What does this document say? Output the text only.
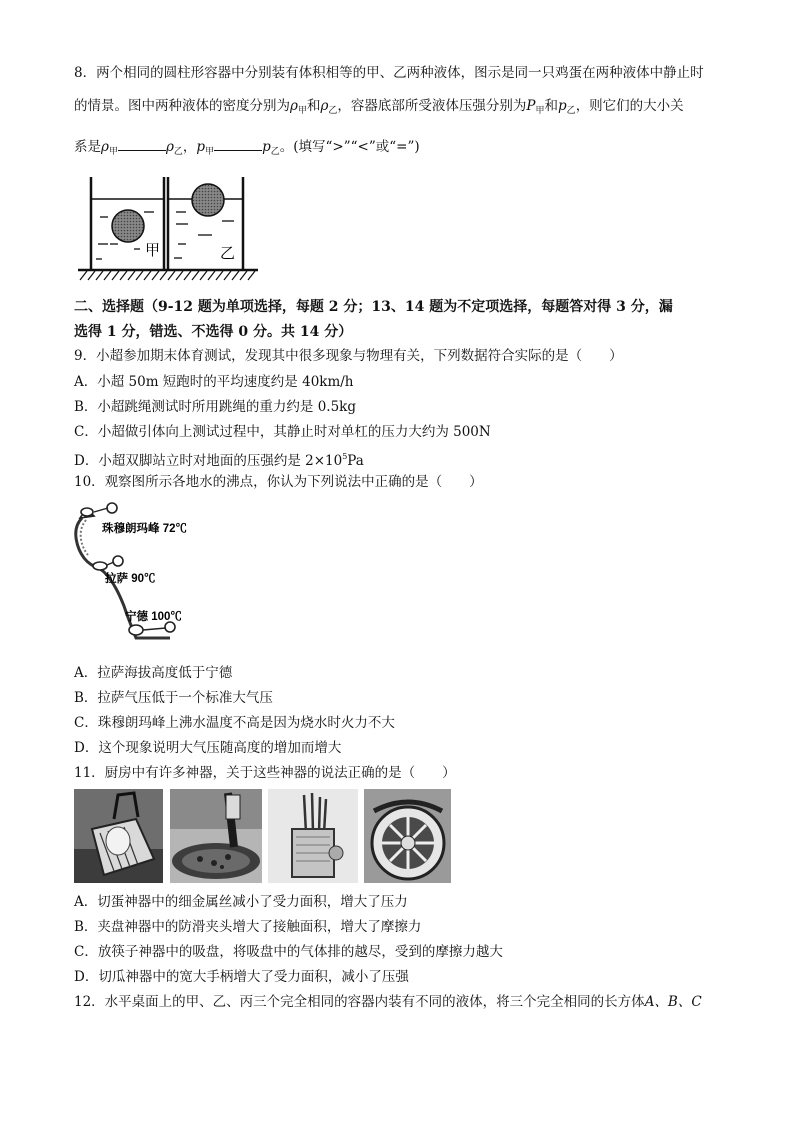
8．两个相同的圆柱形容器中分别装有体积相等的甲、乙两种液体，图示是同一只鸡蛋在两种液体中静止时
的情景。图中两种液体的密度分别为$\rho_甲$和$\rho_乙$，容器底部所受液体压强分别为$P_甲$和$p_乙$，则它们的大小关
系是$\rho_甲$	$\rho_乙$，$p_甲$	$p_乙$。(填写“>”“<”或“=”)
甲	乙
二、选择题（9-12 题为单项选择，每题 2 分；13、14 题为不定项选择，每题答对得 3 分，漏
选得 1 分，错选、不选得 0 分。共 14 分）
9．小超参加期末体育测试，发现其中很多现象与物理有关，下列数据符合实际的是（　　）
A．小超 50m 短跑时的平均速度约是 40km/h
B．小超跳绳测试时所用跳绳的重力约是 0.5kg
C．小超做引体向上测试过程中，其静止时对单杠的压力大约为 500N
D．小超双脚站立时对地面的压强约是 $2\times 10^5Pa$
10．观察图所示各地水的沸点，你认为下列说法中正确的是（　　）
珠穆朗玛峰 72℃
拉萨 90℃
宁德 100℃
A．拉萨海拔高度低于宁德
B．拉萨气压低于一个标准大气压
C．珠穆朗玛峰上沸水温度不高是因为烧水时火力不大
D．这个现象说明大气压随高度的增加而增大
11．厨房中有许多神器，关于这些神器的说法正确的是（　　）
A．切蛋神器中的细金属丝减小了受力面积，增大了压力
B．夹盘神器中的防滑夹头增大了接触面积，增大了摩擦力
C．放筷子神器中的吸盘，将吸盘中的气体排的越尽，受到的摩擦力越大
D．切瓜神器中的宽大手柄增大了受力面积，减小了压强
12．水平桌面上的甲、乙、丙三个完全相同的容器内装有不同的液体，将三个完全相同的长方体A、B、C
